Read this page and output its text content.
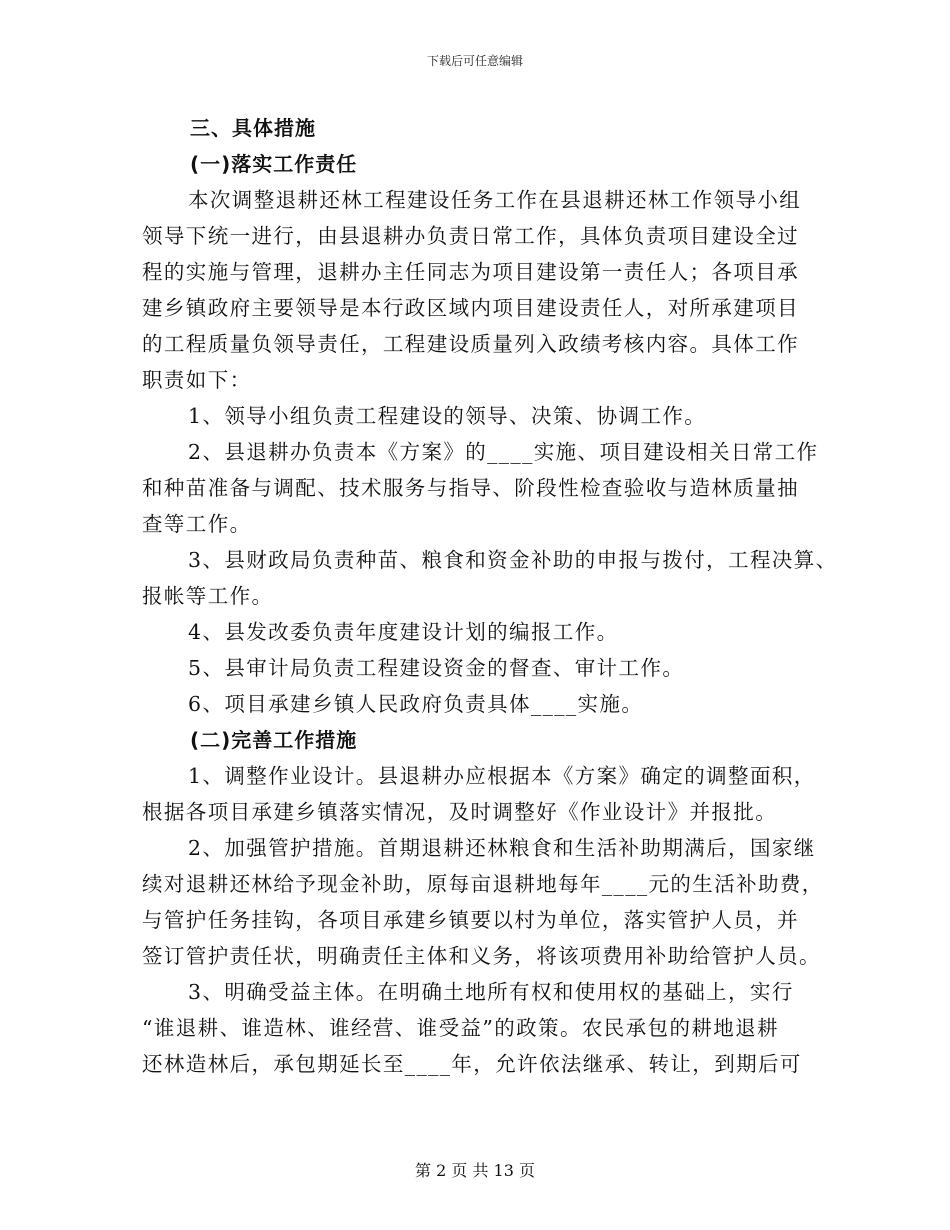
下载后可任意编辑
三、具体措施
(一)落实工作责任
本次调整退耕还林工程建设任务工作在县退耕还林工作领导小组
领导下统一进行，由县退耕办负责日常工作，具体负责项目建设全过
程的实施与管理，退耕办主任同志为项目建设第一责任人；各项目承
建乡镇政府主要领导是本行政区域内项目建设责任人，对所承建项目
的工程质量负领导责任，工程建设质量列入政绩考核内容。具体工作
职责如下：
1、领导小组负责工程建设的领导、决策、协调工作。
2、县退耕办负责本《方案》的____实施、项目建设相关日常工作
和种苗准备与调配、技术服务与指导、阶段性检查验收与造林质量抽
查等工作。
3、县财政局负责种苗、粮食和资金补助的申报与拨付，工程决算、
报帐等工作。
4、县发改委负责年度建设计划的编报工作。
5、县审计局负责工程建设资金的督查、审计工作。
6、项目承建乡镇人民政府负责具体____实施。
(二)完善工作措施
1、调整作业设计。县退耕办应根据本《方案》确定的调整面积，
根据各项目承建乡镇落实情况，及时调整好《作业设计》并报批。
2、加强管护措施。首期退耕还林粮食和生活补助期满后，国家继
续对退耕还林给予现金补助，原每亩退耕地每年____元的生活补助费，
与管护任务挂钩，各项目承建乡镇要以村为单位，落实管护人员，并
签订管护责任状，明确责任主体和义务，将该项费用补助给管护人员。
3、明确受益主体。在明确土地所有权和使用权的基础上，实行
“谁退耕、谁造林、谁经营、谁受益”的政策。农民承包的耕地退耕
还林造林后，承包期延长至____年，允许依法继承、转让，到期后可
第 2 页 共 13 页
